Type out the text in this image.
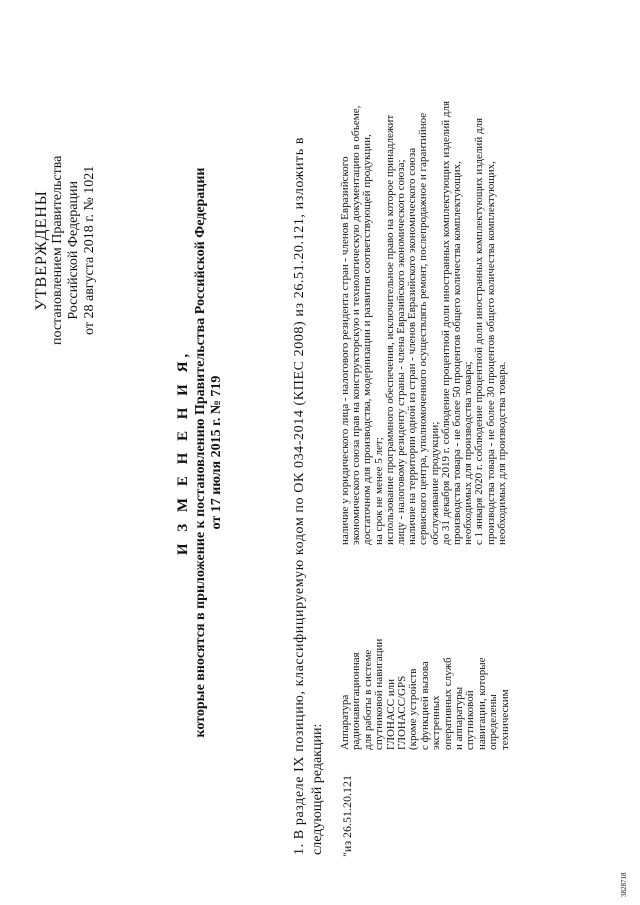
УТВЕРЖДЕНЫ постановлением Правительства Российской Федерации от 28 августа 2018 г. № 1021
И З М Е Н Е Н И Я, которые вносятся в приложение к постановлению Правительства Российской Федерации от 17 июля 2015 г. № 719	1. В разделе IX позицию, классифицируемую кодом по ОК 034-2014 (КПЕС 2008) из 26.51.20.121, изложить в следующей редакции: "из 26.51.20.121
Аппаратура радионавигационная для работы в системе спутниковой навигации ГЛОНАСС или ГЛОНАСС/GPS (кроме устройств с функцией вызова экстренных оперативных служб и аппаратуры спутниковой навигации, которые определены техническим
наличие у юридического лица - налогового резидента стран - членов Евразийского экономического союза прав на конструкторскую и технологическую документацию в объеме, достаточном для производства, модернизации и развития соответствующей продукции, на срок не менее 5 лет; использование программного обеспечения, исключительное право на которое принадлежит лицу - налоговому резиденту страны - члена Евразийского экономического союза; наличие на территории одной из стран - членов Евразийского экономического союза сервисного центра, уполномоченного осуществлять ремонт, послепродажное и гарантийное обслуживание продукции; до 31 декабря 2019 г. соблюдение процентной доли иностранных комплектующих изделий для производства товара - не более 50 процентов общего количества комплектующих, необходимых для производства товара; с 1 января 2020 г. соблюдение процентной доли иностранных комплектующих изделий для производства товара - не более 30 процентов общего количества комплектующих, необходимых для производства товара.
3828718
